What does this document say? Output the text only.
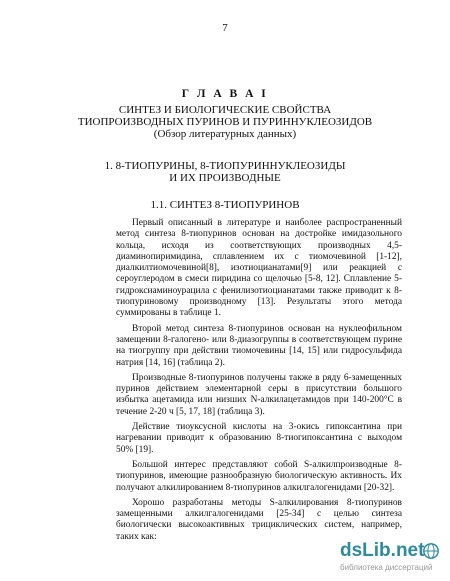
7
Г Л А В А I
СИНТЕЗ И БИОЛОГИЧЕСКИЕ СВОЙСТВА
ТИОПРОИЗВОДНЫХ ПУРИНОВ И ПУРИННУКЛЕОЗИДОВ
(Обзор литературных данных)
1. 8-ТИОПУРИНЫ, 8-ТИОПУРИННУКЛЕОЗИДЫ
И ИХ ПРОИЗВОДНЫЕ
1.1. СИНТЕЗ 8-ТИОПУРИНОВ

Первый описанный в литературе и наиболее распространенный метод синтеза 8-тиопуринов основан на достройке имидазольного кольца, исходя из соответствующих производных 4,5-диаминопиримидина, сплавлением их с тиомочевиной [1-12], диалкилтиомочевиной[8], изотиоцианатами[9] или реакцией с сероуглеродом в смеси пиридина со щелочью [5-8, 12]. Сплавление 5-гидроксиаминоурацила с фенилизотиоцианатами также приводит к 8-тиопуриновому производному [13]. Результаты этого метода суммированы в таблице 1.

Второй метод синтеза 8-тиопуринов основан на нуклеофильном замещении 8-галогено- или 8-диазогруппы в соответствующем пурине на тиогруппу при действии тиомочевины [14, 15] или гидросульфида натрия [14, 16] (таблица 2).

Производные 8-тиопуринов получены также в ряду 6-замещенных пуринов действием элементарной серы в присутствии большого избытка ацетамида или низших N-алкилацетамидов при 140-200°С в течение 2-20 ч [5, 17, 18] (таблица 3).

Действие тиоуксусной кислоты на 3-окись гипоксантина при нагревании приводит к образованию 8-тиогипоксантина с выходом 50% [19].

Большой интерес представляют собой S-алкилпроизводные 8-тиопуринов, имеющие разнообразную биологическую активность. Их получают алкилированием 8-тиопуринов алкилгалогенидами [20-32].

Хорошо разработаны методы S-алкилирования 8-тиопуринов замещенными алкилгалогенидами [25-34] с целью синтеза биологически высокоактивных трициклических систем, например, таких как:

dsLib.net
библиотека диссертаций
